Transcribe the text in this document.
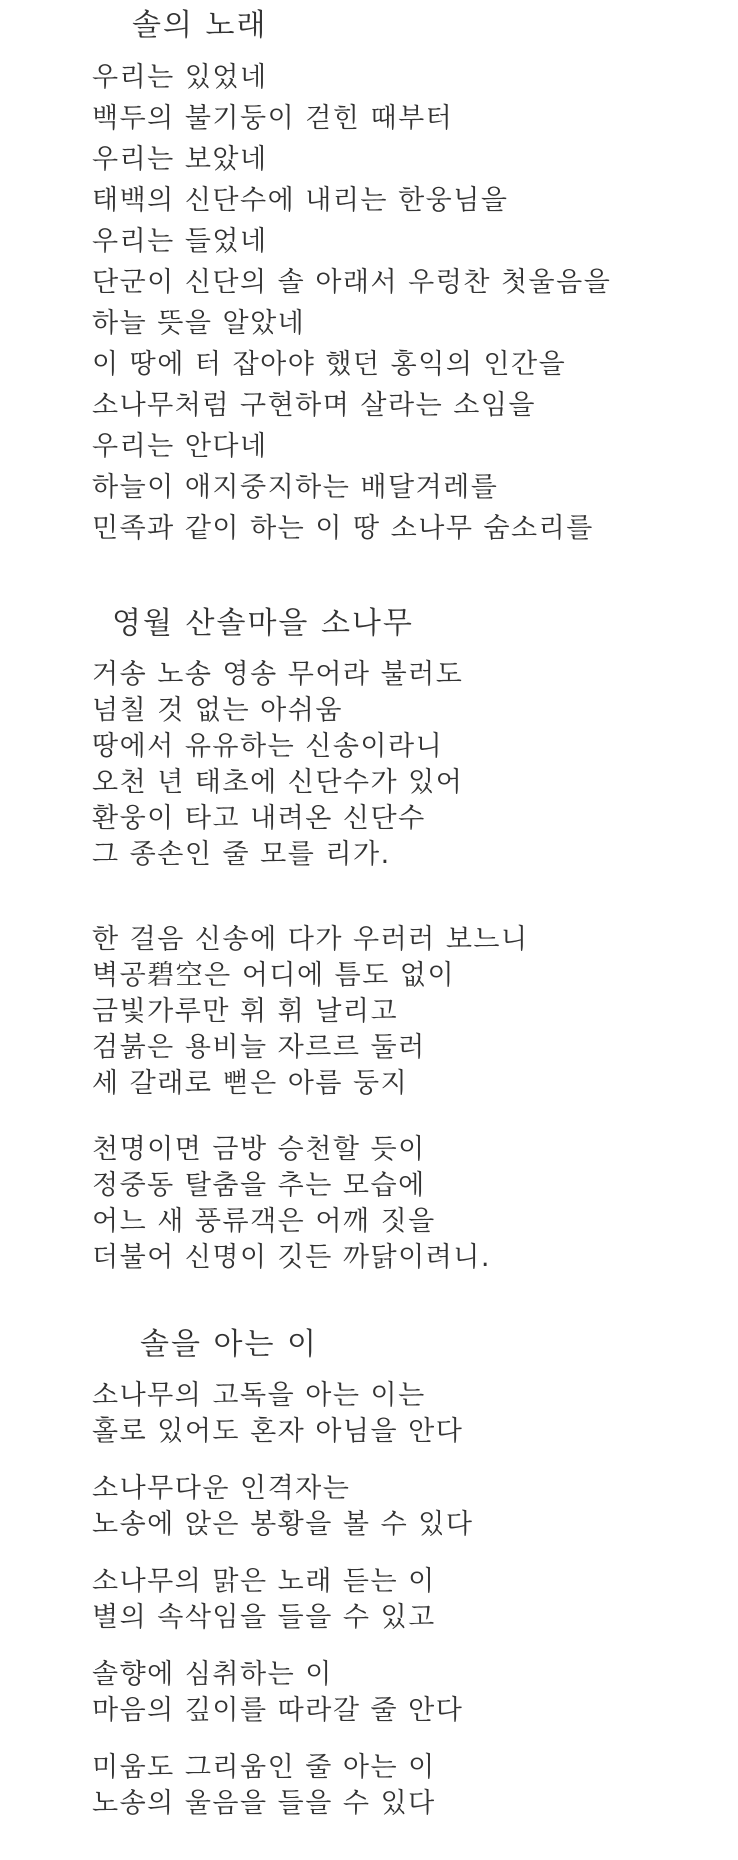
솔의 노래
우리는 있었네
백두의 불기둥이 걷힌 때부터
우리는 보았네
태백의 신단수에 내리는 한웅님을
우리는 들었네
단군이 신단의 솔 아래서 우렁찬 첫울음을
하늘 뜻을 알았네
이 땅에 터 잡아야 했던 홍익의 인간을
소나무처럼 구현하며 살라는 소임을
우리는 안다네
하늘이 애지중지하는 배달겨레를
민족과 같이 하는 이 땅 소나무 숨소리를
영월 산솔마을 소나무
거송 노송 영송 무어라 불러도
넘칠 것 없는 아쉬움
땅에서 유유하는 신송이라니
오천 년 태초에 신단수가 있어
환웅이 타고 내려온 신단수
그 종손인 줄 모를 리가.
한 걸음 신송에 다가 우러러 보느니
벽공碧空은 어디에 틈도 없이
금빛가루만 휘 휘 날리고
검붉은 용비늘 자르르 둘러
세 갈래로 뻗은 아름 둥지
천명이면 금방 승천할 듯이
정중동 탈춤을 추는 모습에
어느 새 풍류객은 어깨 짓을
더불어 신명이 깃든 까닭이려니.
솔을 아는 이
소나무의 고독을 아는 이는
홀로 있어도 혼자 아님을 안다
소나무다운 인격자는
노송에 앉은 봉황을 볼 수 있다
소나무의 맑은 노래 듣는 이
별의 속삭임을 들을 수 있고
솔향에 심취하는 이
마음의 깊이를 따라갈 줄 안다
미움도 그리움인 줄 아는 이
노송의 울음을 들을 수 있다
